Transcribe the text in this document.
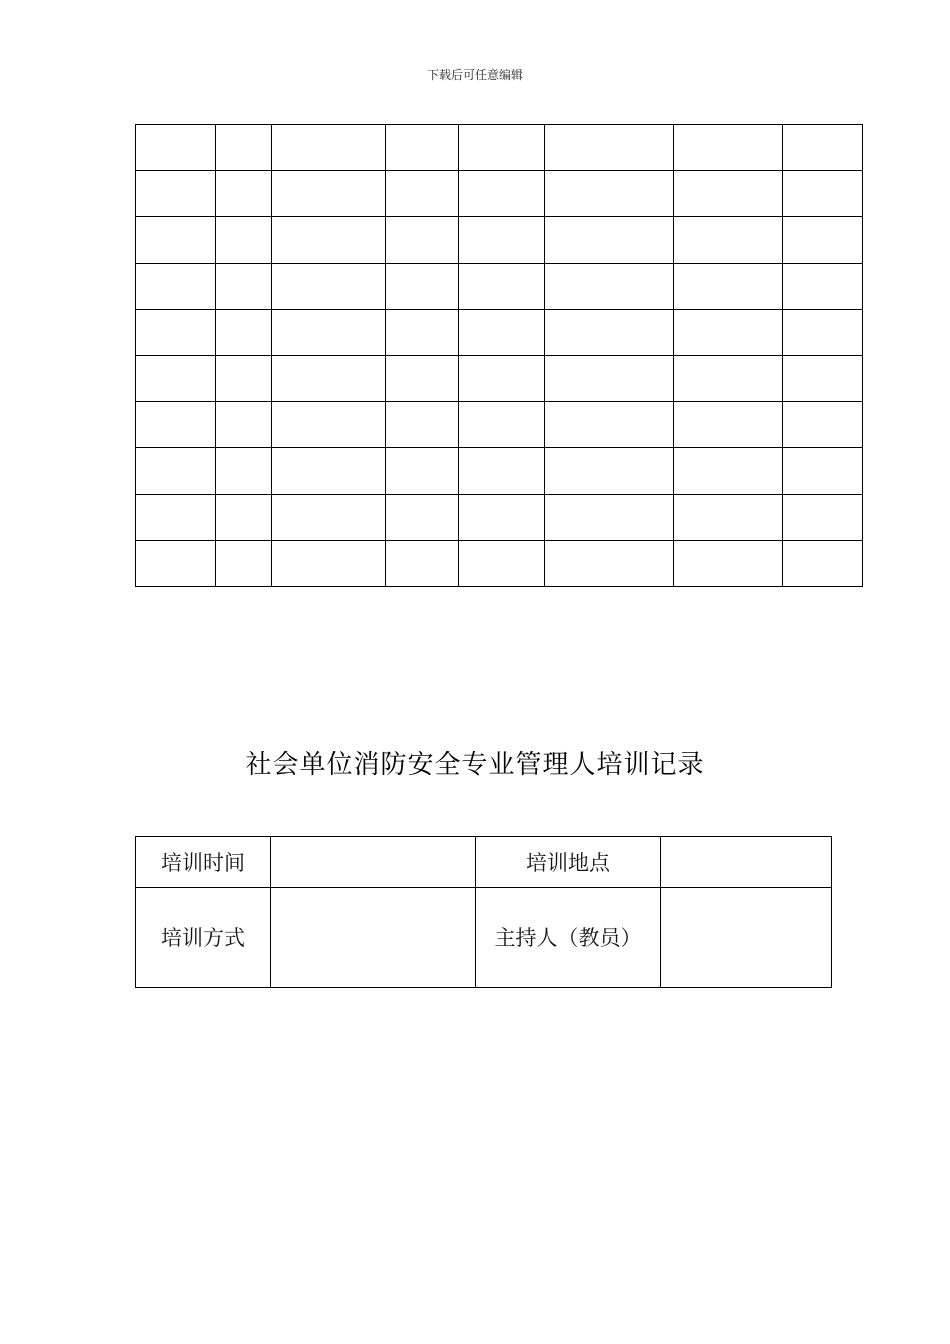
下载后可任意编辑

社会单位消防安全专业管理人培训记录
培训时间		培训地点	
培训方式		主持人（教员）	
